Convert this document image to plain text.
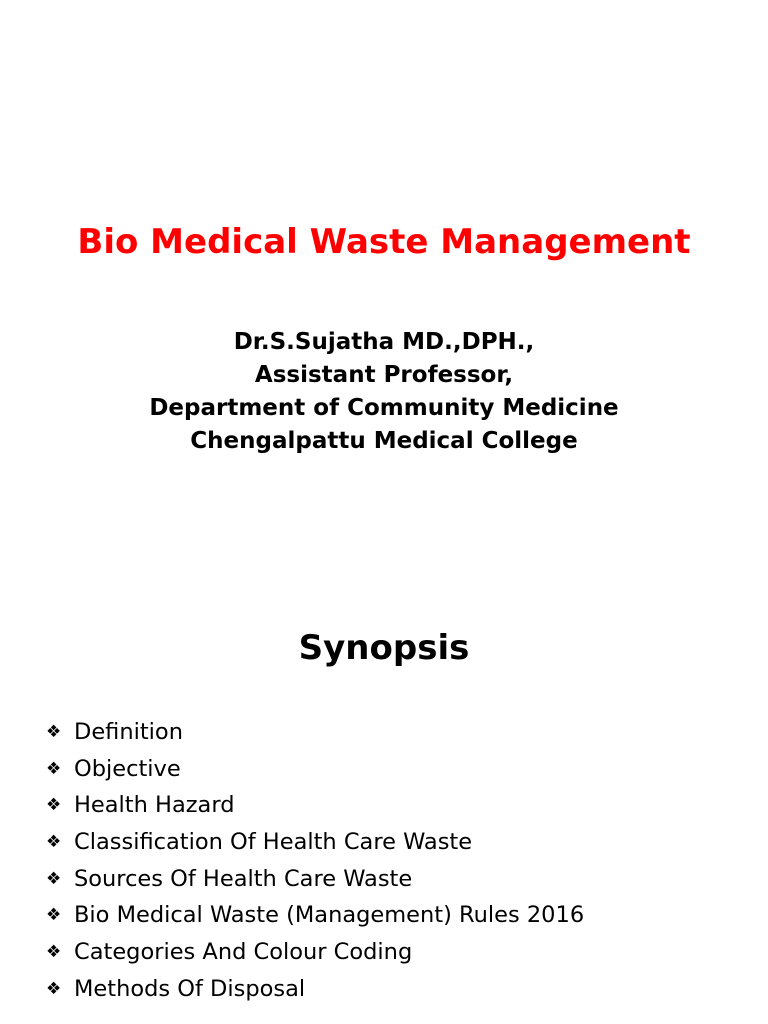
Bio Medical Waste Management
Dr.S.Sujatha MD.,DPH.,
Assistant Professor,
Department of Community Medicine
Chengalpattu Medical College
Synopsis
❖ Definition
❖ Objective
❖ Health Hazard
❖ Classification Of Health Care Waste
❖ Sources Of Health Care Waste
❖ Bio Medical Waste (Management) Rules 2016
❖ Categories And Colour Coding
❖ Methods Of Disposal
